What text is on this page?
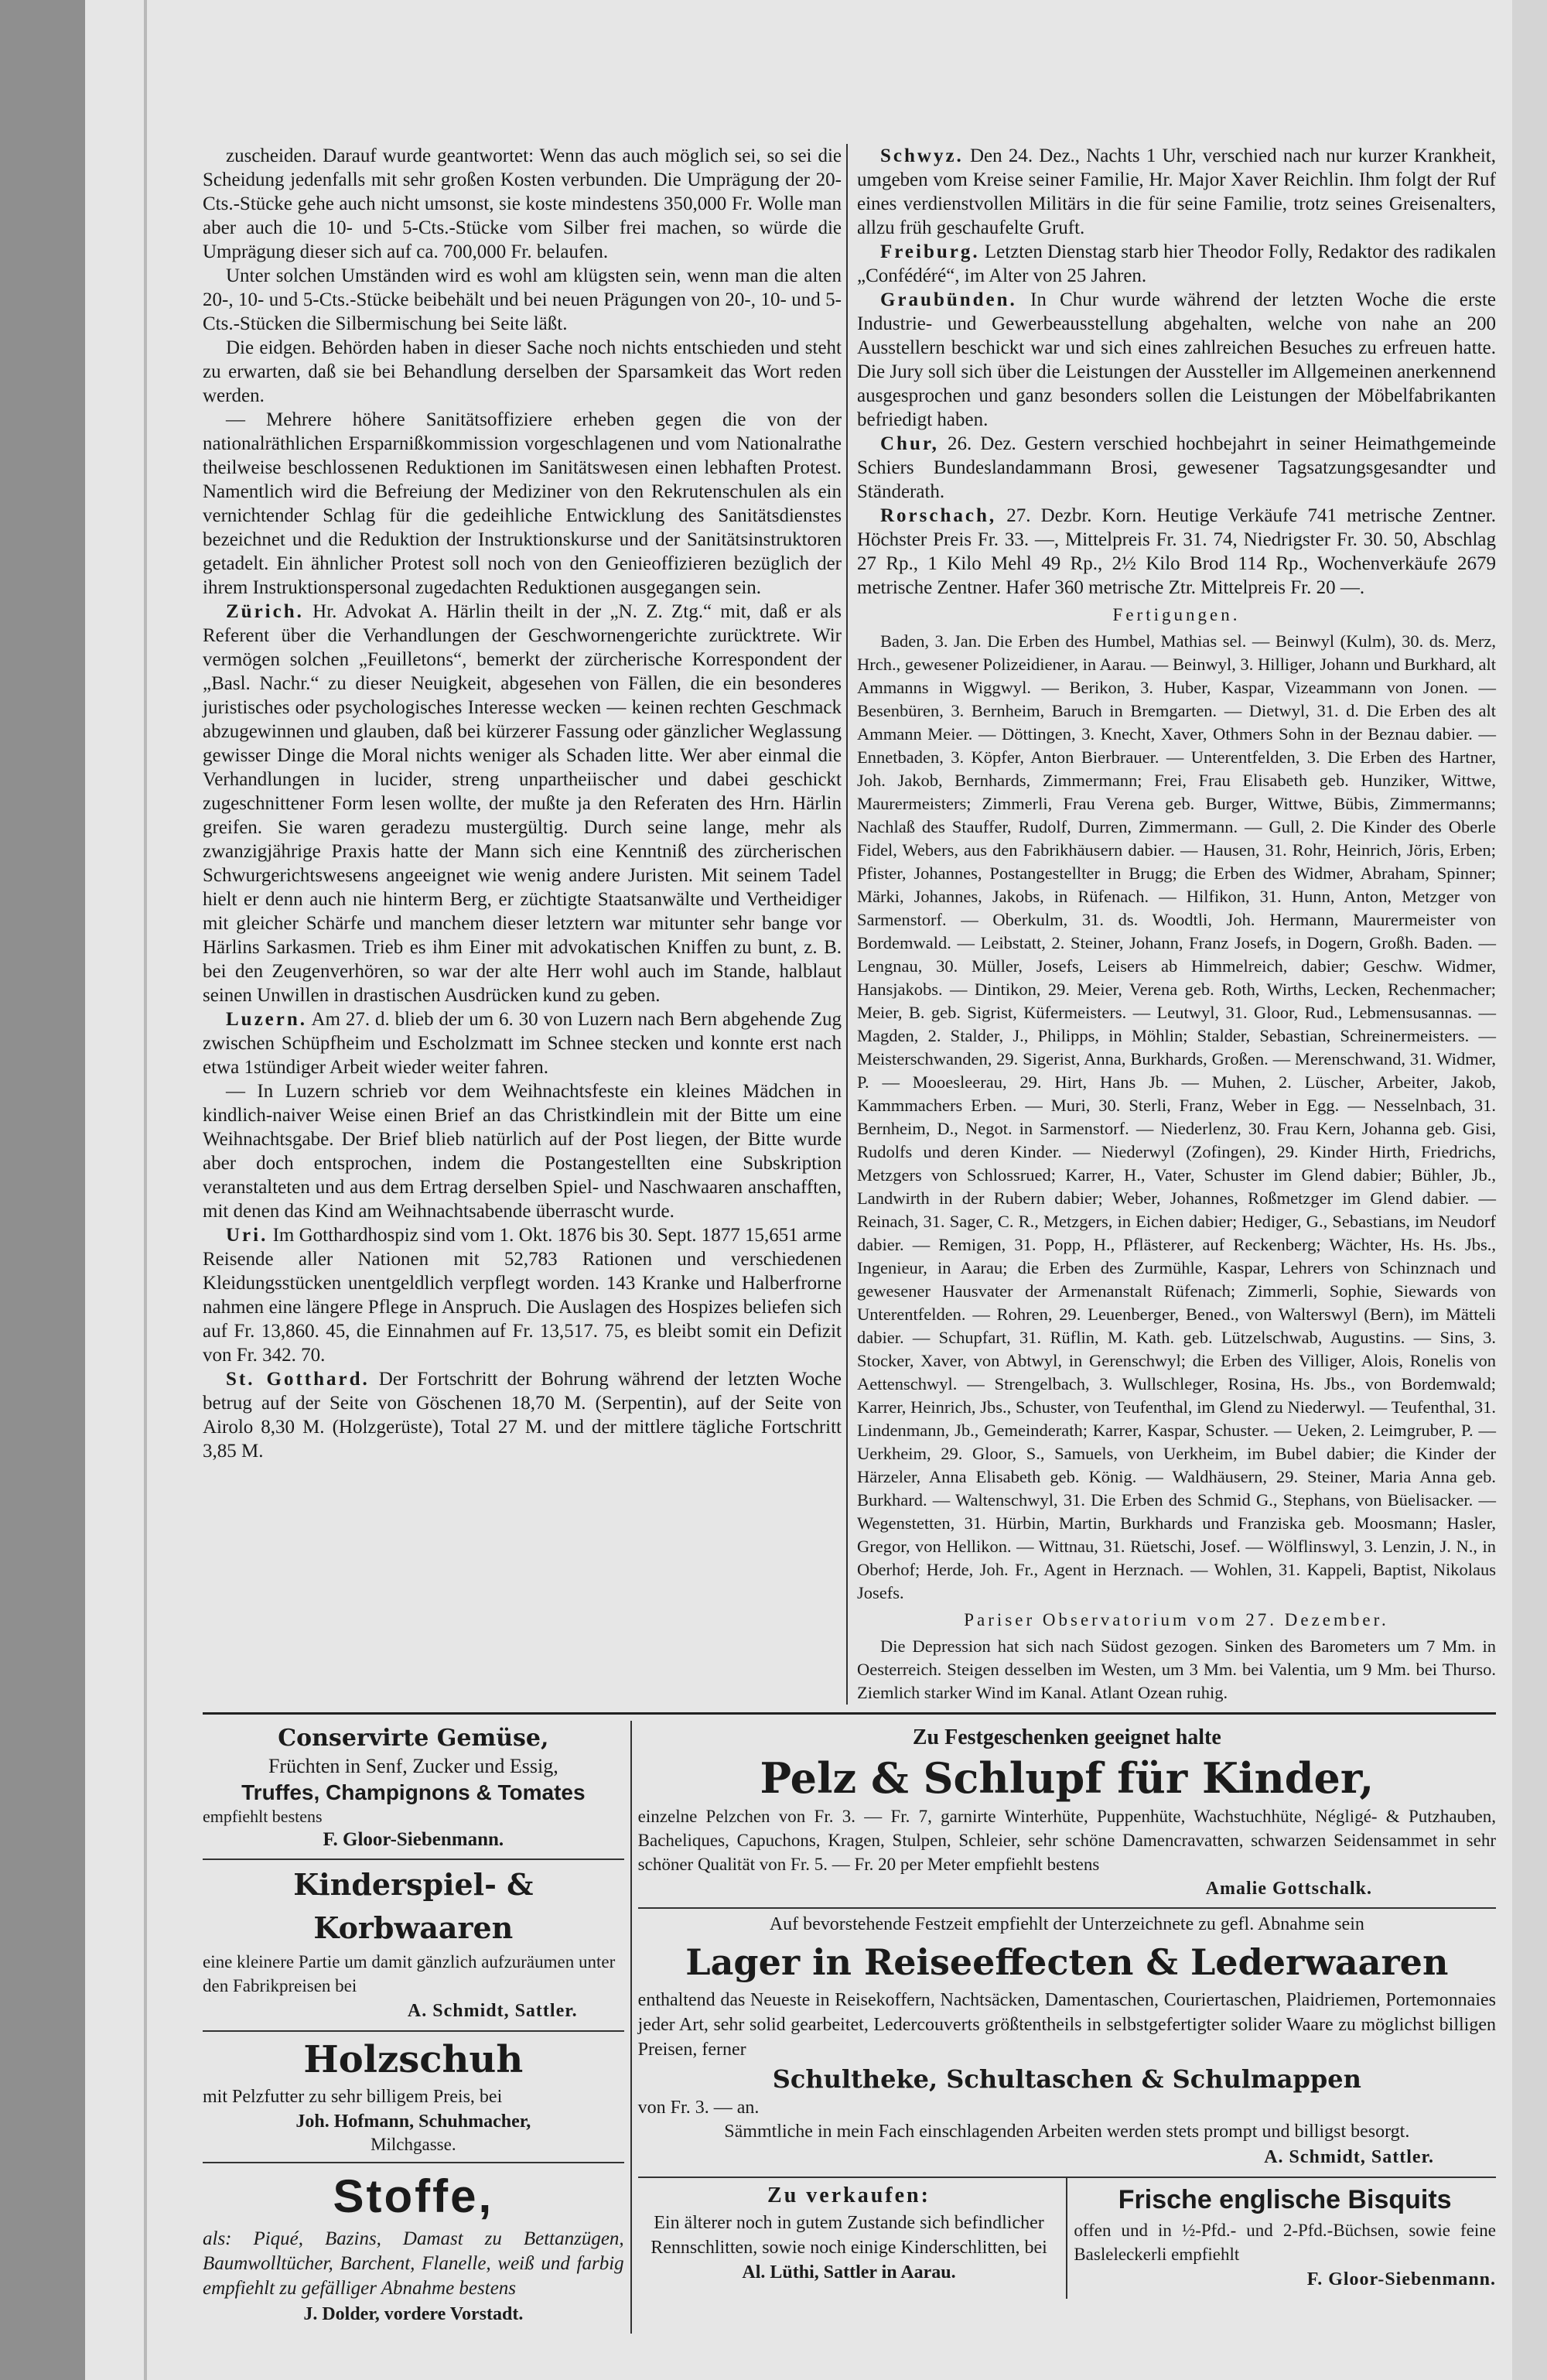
zuscheiden. Darauf wurde geantwortet: Wenn das auch möglich sei, so sei die Scheidung jedenfalls mit sehr großen Kosten verbunden. Die Umprägung der 20-Cts.-Stücke gehe auch nicht umsonst, sie koste mindestens 350,000 Fr. Wolle man aber auch die 10- und 5-Cts.-Stücke vom Silber frei machen, so würde die Umprägung dieser sich auf ca. 700,000 Fr. belaufen.

Unter solchen Umständen wird es wohl am klügsten sein, wenn man die alten 20-, 10- und 5-Cts.-Stücke beibehält und bei neuen Prägungen von 20-, 10- und 5-Cts.-Stücken die Silbermischung bei Seite läßt.

Die eidgen. Behörden haben in dieser Sache noch nichts entschieden und steht zu erwarten, daß sie bei Behandlung derselben der Sparsamkeit das Wort reden werden.

— Mehrere höhere Sanitätsoffiziere erheben gegen die von der nationalräthlichen Ersparnißkommission vorgeschlagenen und vom Nationalrathe theilweise beschlossenen Reduktionen im Sanitätswesen einen lebhaften Protest. Namentlich wird die Befreiung der Mediziner von den Rekrutenschulen als ein vernichtender Schlag für die gedeihliche Entwicklung des Sanitätsdienstes bezeichnet und die Reduktion der Instruktionskurse und der Sanitätsinstruktoren getadelt. Ein ähnlicher Protest soll noch von den Genieoffizieren bezüglich der ihrem Instruktionspersonal zugedachten Reduktionen ausgegangen sein.

Zürich. Hr. Advokat A. Härlin theilt in der „N. Z. Ztg.“ mit, daß er als Referent über die Verhandlungen der Geschwornengerichte zurücktrete. Wir vermögen solchen „Feuilletons“, bemerkt der zürcherische Korrespondent der „Basl. Nachr.“ zu dieser Neuigkeit, abgesehen von Fällen, die ein besonderes juristisches oder psychologisches Interesse wecken — keinen rechten Geschmack abzugewinnen und glauben, daß bei kürzerer Fassung oder gänzlicher Weglassung gewisser Dinge die Moral nichts weniger als Schaden litte. Wer aber einmal die Verhandlungen in lucider, streng unpartheiischer und dabei geschickt zugeschnittener Form lesen wollte, der mußte ja den Referaten des Hrn. Härlin greifen. Sie waren geradezu mustergültig. Durch seine lange, mehr als zwanzigjährige Praxis hatte der Mann sich eine Kenntniß des zürcherischen Schwurgerichtswesens angeeignet wie wenig andere Juristen. Mit seinem Tadel hielt er denn auch nie hinterm Berg, er züchtigte Staatsanwälte und Vertheidiger mit gleicher Schärfe und manchem dieser letztern war mitunter sehr bange vor Härlins Sarkasmen. Trieb es ihm Einer mit advokatischen Kniffen zu bunt, z. B. bei den Zeugenverhören, so war der alte Herr wohl auch im Stande, halblaut seinen Unwillen in drastischen Ausdrücken kund zu geben.

Luzern. Am 27. d. blieb der um 6. 30 von Luzern nach Bern abgehende Zug zwischen Schüpfheim und Escholzmatt im Schnee stecken und konnte erst nach etwa 1stündiger Arbeit wieder weiter fahren.

— In Luzern schrieb vor dem Weihnachtsfeste ein kleines Mädchen in kindlich-naiver Weise einen Brief an das Christkindlein mit der Bitte um eine Weihnachtsgabe. Der Brief blieb natürlich auf der Post liegen, der Bitte wurde aber doch entsprochen, indem die Postangestellten eine Subskription veranstalteten und aus dem Ertrag derselben Spiel- und Naschwaaren anschafften, mit denen das Kind am Weihnachtsabende überrascht wurde.

Uri. Im Gotthardhospiz sind vom 1. Okt. 1876 bis 30. Sept. 1877 15,651 arme Reisende aller Nationen mit 52,783 Rationen und verschiedenen Kleidungsstücken unentgeldlich verpflegt worden. 143 Kranke und Halberfrorne nahmen eine längere Pflege in Anspruch. Die Auslagen des Hospizes beliefen sich auf Fr. 13,860. 45, die Einnahmen auf Fr. 13,517. 75, es bleibt somit ein Defizit von Fr. 342. 70.

St. Gotthard. Der Fortschritt der Bohrung während der letzten Woche betrug auf der Seite von Göschenen 18,70 M. (Serpentin), auf der Seite von Airolo 8,30 M. (Holzgerüste), Total 27 M. und der mittlere tägliche Fortschritt 3,85 M.

Schwyz. Den 24. Dez., Nachts 1 Uhr, verschied nach nur kurzer Krankheit, umgeben vom Kreise seiner Familie, Hr. Major Xaver Reichlin. Ihm folgt der Ruf eines verdienstvollen Militärs in die für seine Familie, trotz seines Greisenalters, allzu früh geschaufelte Gruft.

Freiburg. Letzten Dienstag starb hier Theodor Folly, Redaktor des radikalen „Confédéré“, im Alter von 25 Jahren.

Graubünden. In Chur wurde während der letzten Woche die erste Industrie- und Gewerbeausstellung abgehalten, welche von nahe an 200 Ausstellern beschickt war und sich eines zahlreichen Besuches zu erfreuen hatte. Die Jury soll sich über die Leistungen der Aussteller im Allgemeinen anerkennend ausgesprochen und ganz besonders sollen die Leistungen der Möbelfabrikanten befriedigt haben.

Chur, 26. Dez. Gestern verschied hochbejahrt in seiner Heimathgemeinde Schiers Bundeslandammann Brosi, gewesener Tagsatzungsgesandter und Ständerath.

Rorschach, 27. Dezbr. Korn. Heutige Verkäufe 741 metrische Zentner. Höchster Preis Fr. 33. —, Mittelpreis Fr. 31. 74, Niedrigster Fr. 30. 50, Abschlag 27 Rp., 1 Kilo Mehl 49 Rp., 2½ Kilo Brod 114 Rp., Wochenverkäufe 2679 metrische Zentner. Hafer 360 metrische Ztr. Mittelpreis Fr. 20 —.

Fertigungen.

Baden, 3. Jan. Die Erben des Humbel, Mathias sel. — Beinwyl (Kulm), 30. ds. Merz, Hrch., gewesener Polizeidiener, in Aarau. — Beinwyl, 3. Hilliger, Johann und Burkhard, alt Ammanns in Wiggwyl. — Berikon, 3. Huber, Kaspar, Vizeammann von Jonen. — Besenbüren, 3. Bernheim, Baruch in Bremgarten. — Dietwyl, 31. d. Die Erben des alt Ammann Meier. — Döttingen, 3. Knecht, Xaver, Othmers Sohn in der Beznau dabier. — Ennetbaden, 3. Köpfer, Anton Bierbrauer. — Unterentfelden, 3. Die Erben des Hartner, Joh. Jakob, Bernhards, Zimmermann; Frei, Frau Elisabeth geb. Hunziker, Wittwe, Maurermeisters; Zimmerli, Frau Verena geb. Burger, Wittwe, Bübis, Zimmermanns; Nachlaß des Stauffer, Rudolf, Durren, Zimmermann. — Gull, 2. Die Kinder des Oberle Fidel, Webers, aus den Fabrikhäusern dabier. — Hausen, 31. Rohr, Heinrich, Jöris, Erben; Pfister, Johannes, Postangestellter in Brugg; die Erben des Widmer, Abraham, Spinner; Märki, Johannes, Jakobs, in Rüfenach. — Hilfikon, 31. Hunn, Anton, Metzger von Sarmenstorf. — Oberkulm, 31. ds. Woodtli, Joh. Hermann, Maurermeister von Bordemwald. — Leibstatt, 2. Steiner, Johann, Franz Josefs, in Dogern, Großh. Baden. — Lengnau, 30. Müller, Josefs, Leisers ab Himmelreich, dabier; Geschw. Widmer, Hansjakobs. — Dintikon, 29. Meier, Verena geb. Roth, Wirths, Lecken, Rechenmacher; Meier, B. geb. Sigrist, Küfermeisters. — Leutwyl, 31. Gloor, Rud., Lebmensusannas. — Magden, 2. Stalder, J., Philipps, in Möhlin; Stalder, Sebastian, Schreinermeisters. — Meisterschwanden, 29. Sigerist, Anna, Burkhards, Großen. — Merenschwand, 31. Widmer, P. — Mooesleerau, 29. Hirt, Hans Jb. — Muhen, 2. Lüscher, Arbeiter, Jakob, Kammmachers Erben. — Muri, 30. Sterli, Franz, Weber in Egg. — Nesselnbach, 31. Bernheim, D., Negot. in Sarmenstorf. — Niederlenz, 30. Frau Kern, Johanna geb. Gisi, Rudolfs und deren Kinder. — Niederwyl (Zofingen), 29. Kinder Hirth, Friedrichs, Metzgers von Schlossrued; Karrer, H., Vater, Schuster im Glend dabier; Bühler, Jb., Landwirth in der Rubern dabier; Weber, Johannes, Roßmetzger im Glend dabier. — Reinach, 31. Sager, C. R., Metzgers, in Eichen dabier; Hediger, G., Sebastians, im Neudorf dabier. — Remigen, 31. Popp, H., Pflästerer, auf Reckenberg; Wächter, Hs. Hs. Jbs., Ingenieur, in Aarau; die Erben des Zurmühle, Kaspar, Lehrers von Schinznach und gewesener Hausvater der Armenanstalt Rüfenach; Zimmerli, Sophie, Siewards von Unterentfelden. — Rohren, 29. Leuenberger, Bened., von Walterswyl (Bern), im Mätteli dabier. — Schupfart, 31. Rüflin, M. Kath. geb. Lützelschwab, Augustins. — Sins, 3. Stocker, Xaver, von Abtwyl, in Gerenschwyl; die Erben des Villiger, Alois, Ronelis von Aettenschwyl. — Strengelbach, 3. Wullschleger, Rosina, Hs. Jbs., von Bordemwald; Karrer, Heinrich, Jbs., Schuster, von Teufenthal, im Glend zu Niederwyl. — Teufenthal, 31. Lindenmann, Jb., Gemeinderath; Karrer, Kaspar, Schuster. — Ueken, 2. Leimgruber, P. — Uerkheim, 29. Gloor, S., Samuels, von Uerkheim, im Bubel dabier; die Kinder der Härzeler, Anna Elisabeth geb. König. — Waldhäusern, 29. Steiner, Maria Anna geb. Burkhard. — Waltenschwyl, 31. Die Erben des Schmid G., Stephans, von Büelisacker. — Wegenstetten, 31. Hürbin, Martin, Burkhards und Franziska geb. Moosmann; Hasler, Gregor, von Hellikon. — Wittnau, 31. Rüetschi, Josef. — Wölflinswyl, 3. Lenzin, J. N., in Oberhof; Herde, Joh. Fr., Agent in Herznach. — Wohlen, 31. Kappeli, Baptist, Nikolaus Josefs.

Pariser Observatorium vom 27. Dezember.

Die Depression hat sich nach Südost gezogen. Sinken des Barometers um 7 Mm. in Oesterreich. Steigen desselben im Westen, um 3 Mm. bei Valentia, um 9 Mm. bei Thurso. Ziemlich starker Wind im Kanal. Atlant Ozean ruhig.

Conservirte Gemüse,

Früchten in Senf, Zucker und Essig,

Truffes, Champignons & Tomates

empfiehlt bestens

F. Gloor-Siebenmann.

Kinderspiel- & Korbwaaren

eine kleinere Partie um damit gänzlich aufzuräumen unter den Fabrikpreisen bei

A. Schmidt, Sattler.

Holzschuh

mit Pelzfutter zu sehr billigem Preis, bei

Joh. Hofmann, Schuhmacher,

Milchgasse.

Stoffe,

als: Piqué, Bazins, Damast zu Bettanzügen, Baumwolltücher, Barchent, Flanelle, weiß und farbig empfiehlt zu gefälliger Abnahme bestens

J. Dolder, vordere Vorstadt.

Zu Festgeschenken geeignet halte

Pelz & Schlupf für Kinder,

einzelne Pelzchen von Fr. 3. — Fr. 7, garnirte Winterhüte, Puppenhüte, Wachstuchhüte, Négligé- & Putzhauben, Bacheliques, Capuchons, Kragen, Stulpen, Schleier, sehr schöne Damencravatten, schwarzen Seidensammet in sehr schöner Qualität von Fr. 5. — Fr. 20 per Meter empfiehlt bestens

Amalie Gottschalk.

Auf bevorstehende Festzeit empfiehlt der Unterzeichnete zu gefl. Abnahme sein

Lager in Reiseeffecten & Lederwaaren

enthaltend das Neueste in Reisekoffern, Nachtsäcken, Damentaschen, Couriertaschen, Plaidriemen, Portemonnaies jeder Art, sehr solid gearbeitet, Ledercouverts größtentheils in selbstgefertigter solider Waare zu möglichst billigen Preisen, ferner

Schultheke, Schultaschen & Schulmappen

von Fr. 3. — an.

Sämmtliche in mein Fach einschlagenden Arbeiten werden stets prompt und billigst besorgt.

A. Schmidt, Sattler.

Zu verkaufen:

Ein älterer noch in gutem Zustande sich befindlicher Rennschlitten, sowie noch einige Kinderschlitten, bei

Al. Lüthi, Sattler in Aarau.

Frische englische Bisquits

offen und in ½-Pfd.- und 2-Pfd.-Büchsen, sowie feine Basleleckerli empfiehlt

F. Gloor-Siebenmann.
